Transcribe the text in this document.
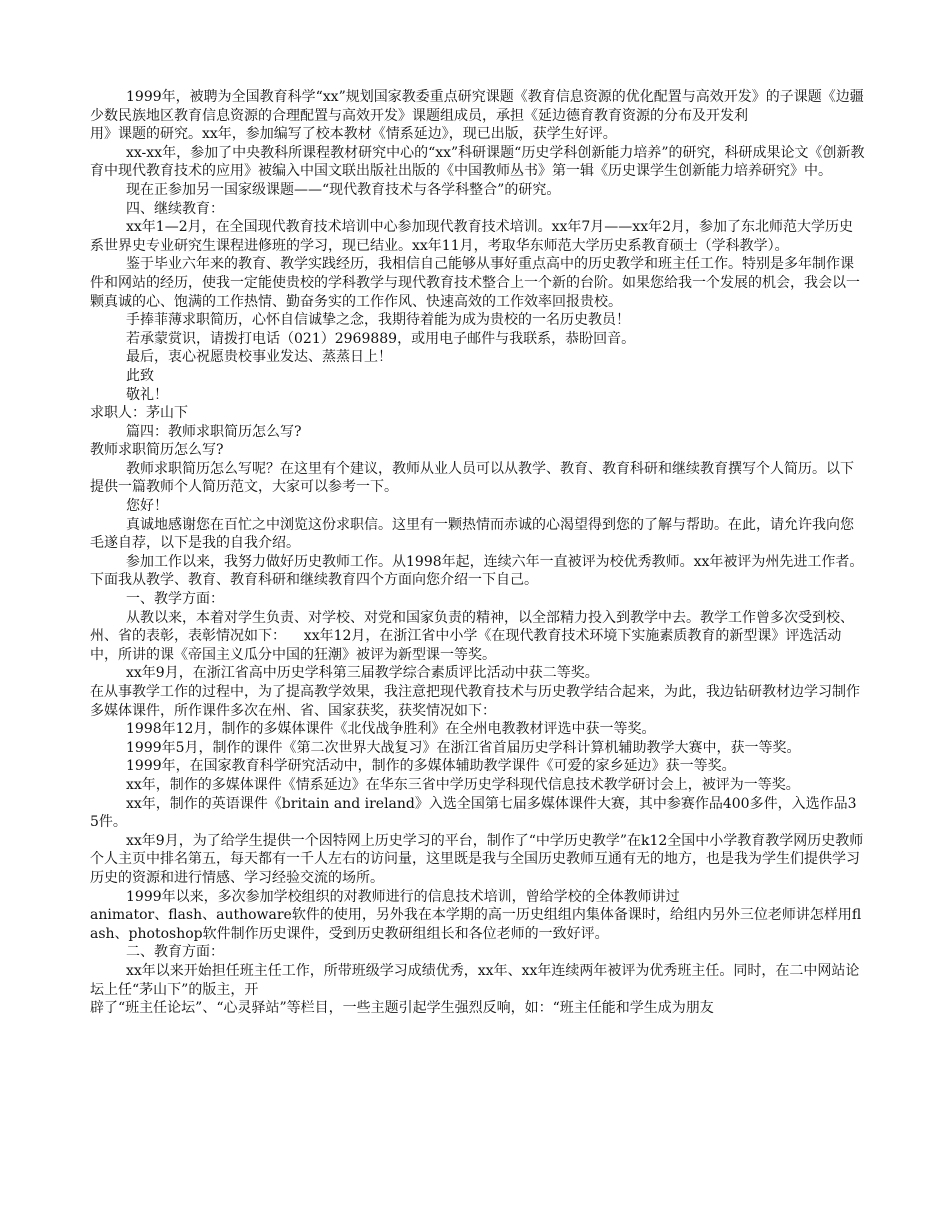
1999年，被聘为全国教育科学“xx”规划国家教委重点研究课题《教育信息资源的优化配置与高效开发》的子课题《边疆少数民族地区教育信息资源的合理配置与高效开发》课题组成员，承担《延边德育教育资源的分布及开发利

用》课题的研究。xx年，参加编写了校本教材《情系延边》，现已出版，获学生好评。

xx-xx年，参加了中央教科所课程教材研究中心的“xx”科研课题“历史学科创新能力培养”的研究，科研成果论文《创新教育中现代教育技术的应用》被编入中国文联出版社出版的《中国教师丛书》第一辑《历史课学生创新能力培养研究》中。

现在正参加另一国家级课题——“现代教育技术与各学科整合”的研究。

四、继续教育：

xx年1—2月，在全国现代教育技术培训中心参加现代教育技术培训。xx年7月——xx年2月，参加了东北师范大学历史系世界史专业研究生课程进修班的学习，现已结业。xx年11月，考取华东师范大学历史系教育硕士（学科教学）。

鉴于毕业六年来的教育、教学实践经历，我相信自己能够从事好重点高中的历史教学和班主任工作。特别是多年制作课件和网站的经历，使我一定能使贵校的学科教学与现代教育技术整合上一个新的台阶。如果您给我一个发展的机会，我会以一颗真诚的心、饱满的工作热情、勤奋务实的工作作风、快速高效的工作效率回报贵校。

手捧菲薄求职简历，心怀自信诚挚之念，我期待着能为成为贵校的一名历史教员！

若承蒙赏识，请拨打电话（021）2969889，或用电子邮件与我联系，恭盼回音。

最后，衷心祝愿贵校事业发达、蒸蒸日上！

此致

敬礼！

求职人：茅山下

篇四：教师求职简历怎么写?

教师求职简历怎么写?

教师求职简历怎么写呢？在这里有个建议，教师从业人员可以从教学、教育、教育科研和继续教育撰写个人简历。以下提供一篇教师个人简历范文，大家可以参考一下。

您好！

真诚地感谢您在百忙之中浏览这份求职信。这里有一颗热情而赤诚的心渴望得到您的了解与帮助。在此，请允许我向您毛遂自荐，以下是我的自我介绍。

参加工作以来，我努力做好历史教师工作。从1998年起，连续六年一直被评为校优秀教师。xx年被评为州先进工作者。下面我从教学、教育、教育科研和继续教育四个方面向您介绍一下自己。

一、教学方面：

从教以来，本着对学生负责、对学校、对党和国家负责的精神，以全部精力投入到教学中去。教学工作曾多次受到校、州、省的表彰，表彰情况如下：    xx年12月，在浙江省中小学《在现代教育技术环境下实施素质教育的新型课》评选活动中，所讲的课《帝国主义瓜分中国的狂潮》被评为新型课一等奖。

xx年9月，在浙江省高中历史学科第三届教学综合素质评比活动中获二等奖。

在从事教学工作的过程中，为了提高教学效果，我注意把现代教育技术与历史教学结合起来，为此，我边钻研教材边学习制作多媒体课件，所作课件多次在州、省、国家获奖，获奖情况如下：

1998年12月，制作的多媒体课件《北伐战争胜利》在全州电教教材评选中获一等奖。

1999年5月，制作的课件《第二次世界大战复习》在浙江省首届历史学科计算机辅助教学大赛中，获一等奖。

1999年，在国家教育科学研究活动中，制作的多媒体辅助教学课件《可爱的家乡延边》获一等奖。

xx年，制作的多媒体课件《情系延边》在华东三省中学历史学科现代信息技术教学研讨会上，被评为一等奖。

xx年，制作的英语课件《britain and ireland》入选全国第七届多媒体课件大赛，其中参赛作品400多件，入选作品35件。

xx年9月，为了给学生提供一个因特网上历史学习的平台，制作了“中学历史教学”在k12全国中小学教育教学网历史教师个人主页中排名第五，每天都有一千人左右的访问量，这里既是我与全国历史教师互通有无的地方，也是我为学生们提供学习历史的资源和进行情感、学习经验交流的场所。

1999年以来，多次参加学校组织的对教师进行的信息技术培训，曾给学校的全体教师讲过

animator、flash、authoware软件的使用，另外我在本学期的高一历史组组内集体备课时，给组内另外三位老师讲怎样用flash、photoshop软件制作历史课件，受到历史教研组组长和各位老师的一致好评。

二、教育方面：

xx年以来开始担任班主任工作，所带班级学习成绩优秀，xx年、xx年连续两年被评为优秀班主任。同时，在二中网站论坛上任“茅山下”的版主，开

辟了“班主任论坛”、“心灵驿站”等栏目，一些主题引起学生强烈反响，如：“班主任能和学生成为朋友
